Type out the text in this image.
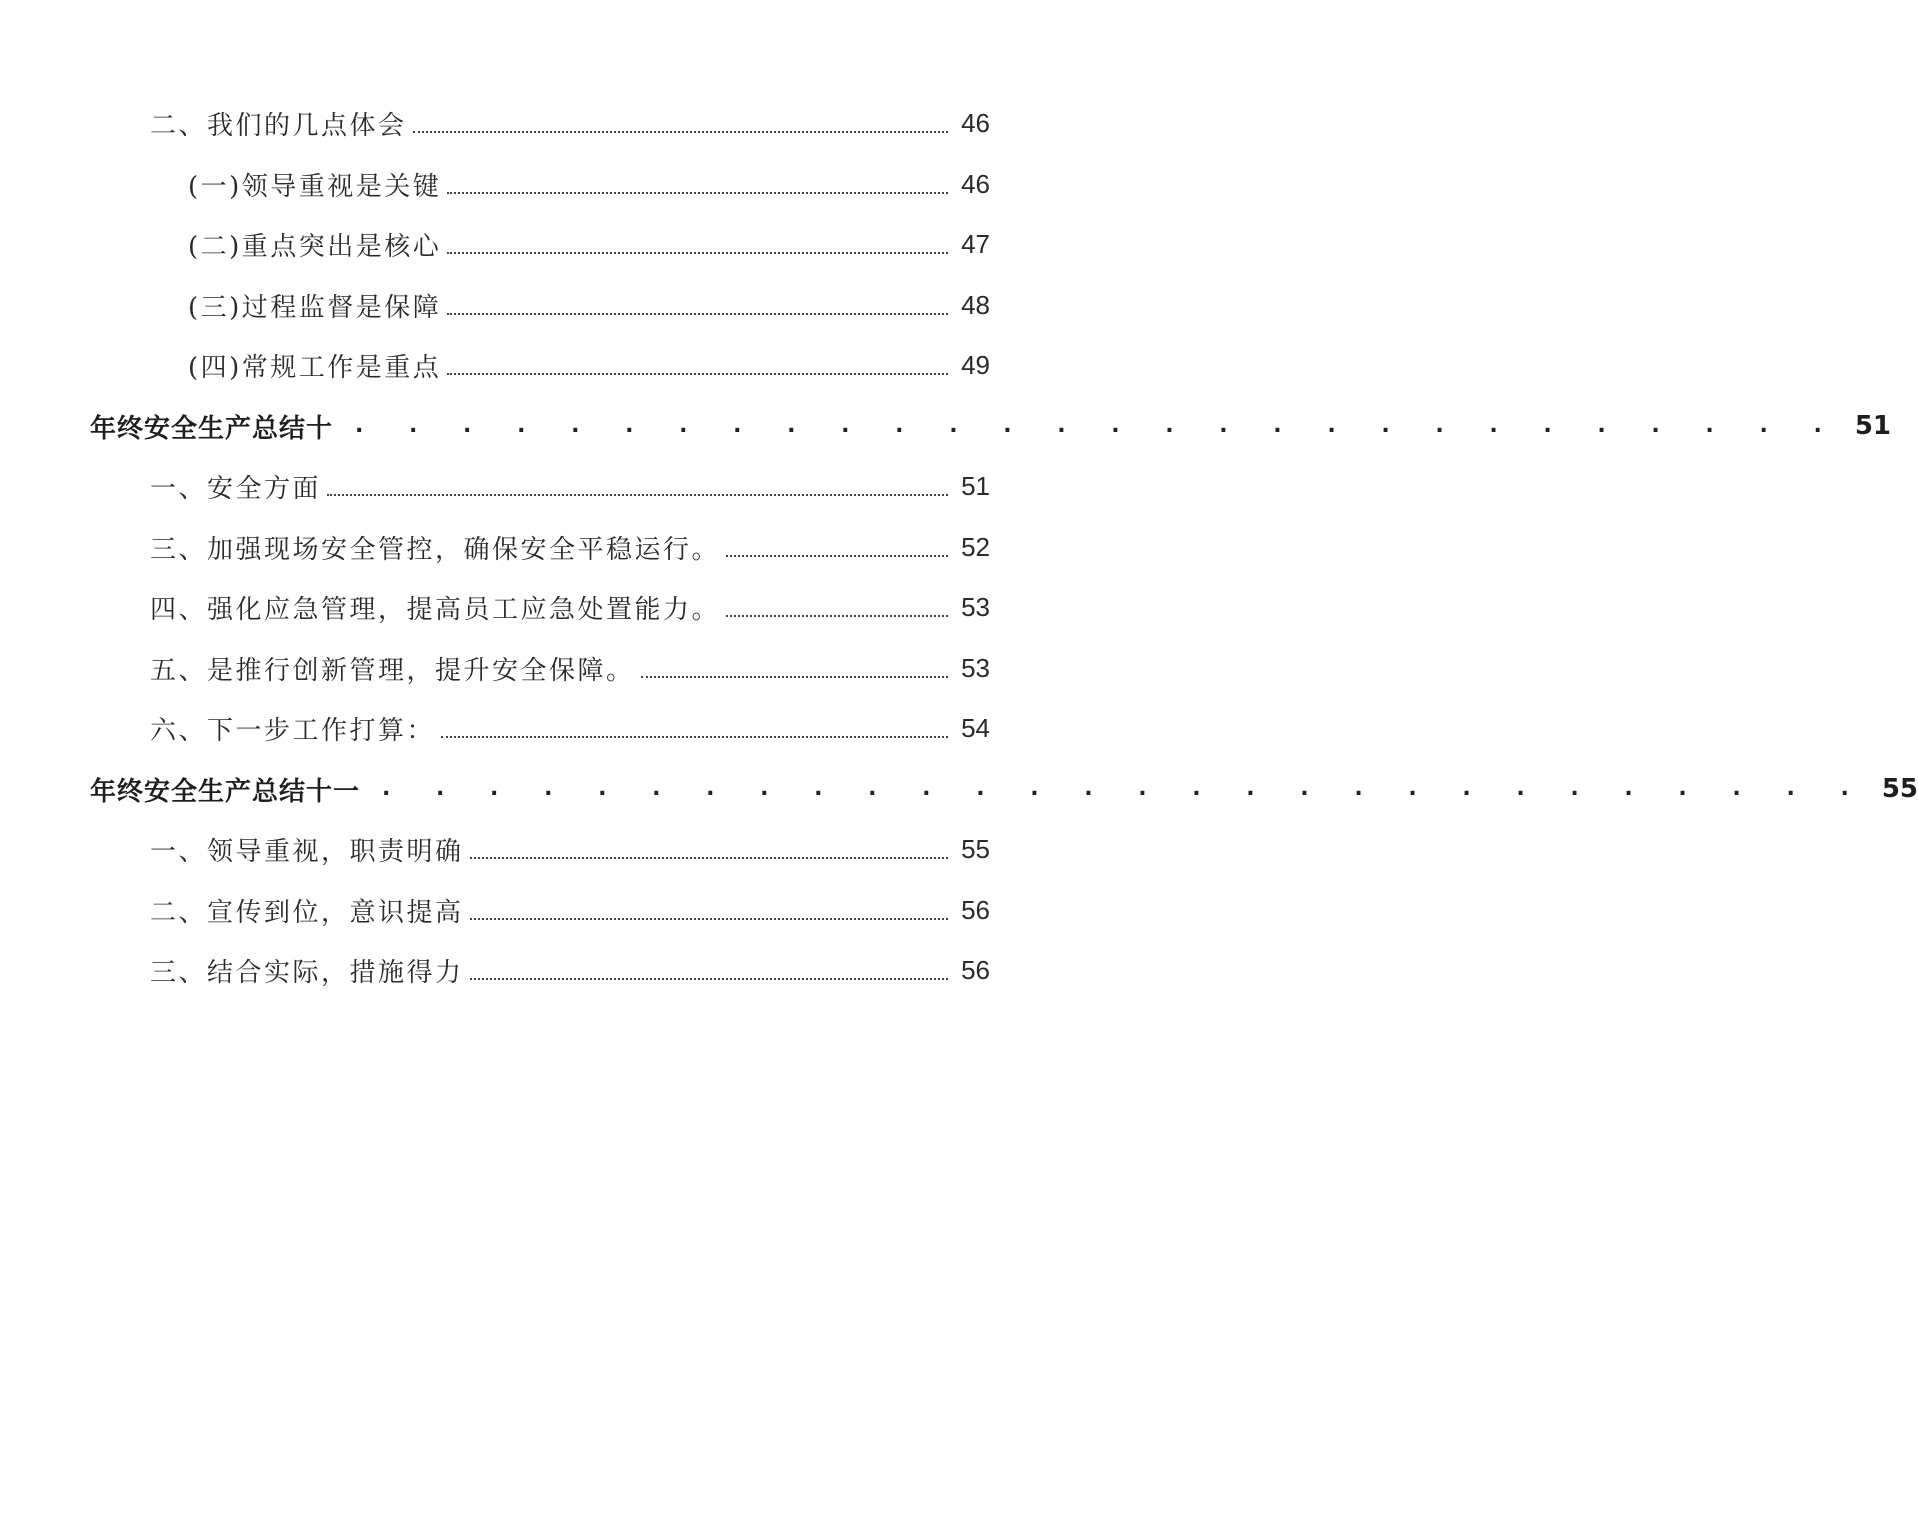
二、我们的几点体会	46
(一)领导重视是关键	46
(二)重点突出是核心	47
(三)过程监督是保障	48
(四)常规工作是重点	49
年终安全生产总结十 . . . . . . . . . . . . . . . . . . . . . . . . . . . . 51
一、安全方面	51
三、加强现场安全管控，确保安全平稳运行。	52
四、强化应急管理，提高员工应急处置能力。	53
五、是推行创新管理，提升安全保障。	53
六、下一步工作打算：	54
年终安全生产总结十一 . . . . . . . . . . . . . . . . . . . . . . . . . . . . 55
一、领导重视，职责明确	55
二、宣传到位，意识提高	56
三、结合实际，措施得力	56
